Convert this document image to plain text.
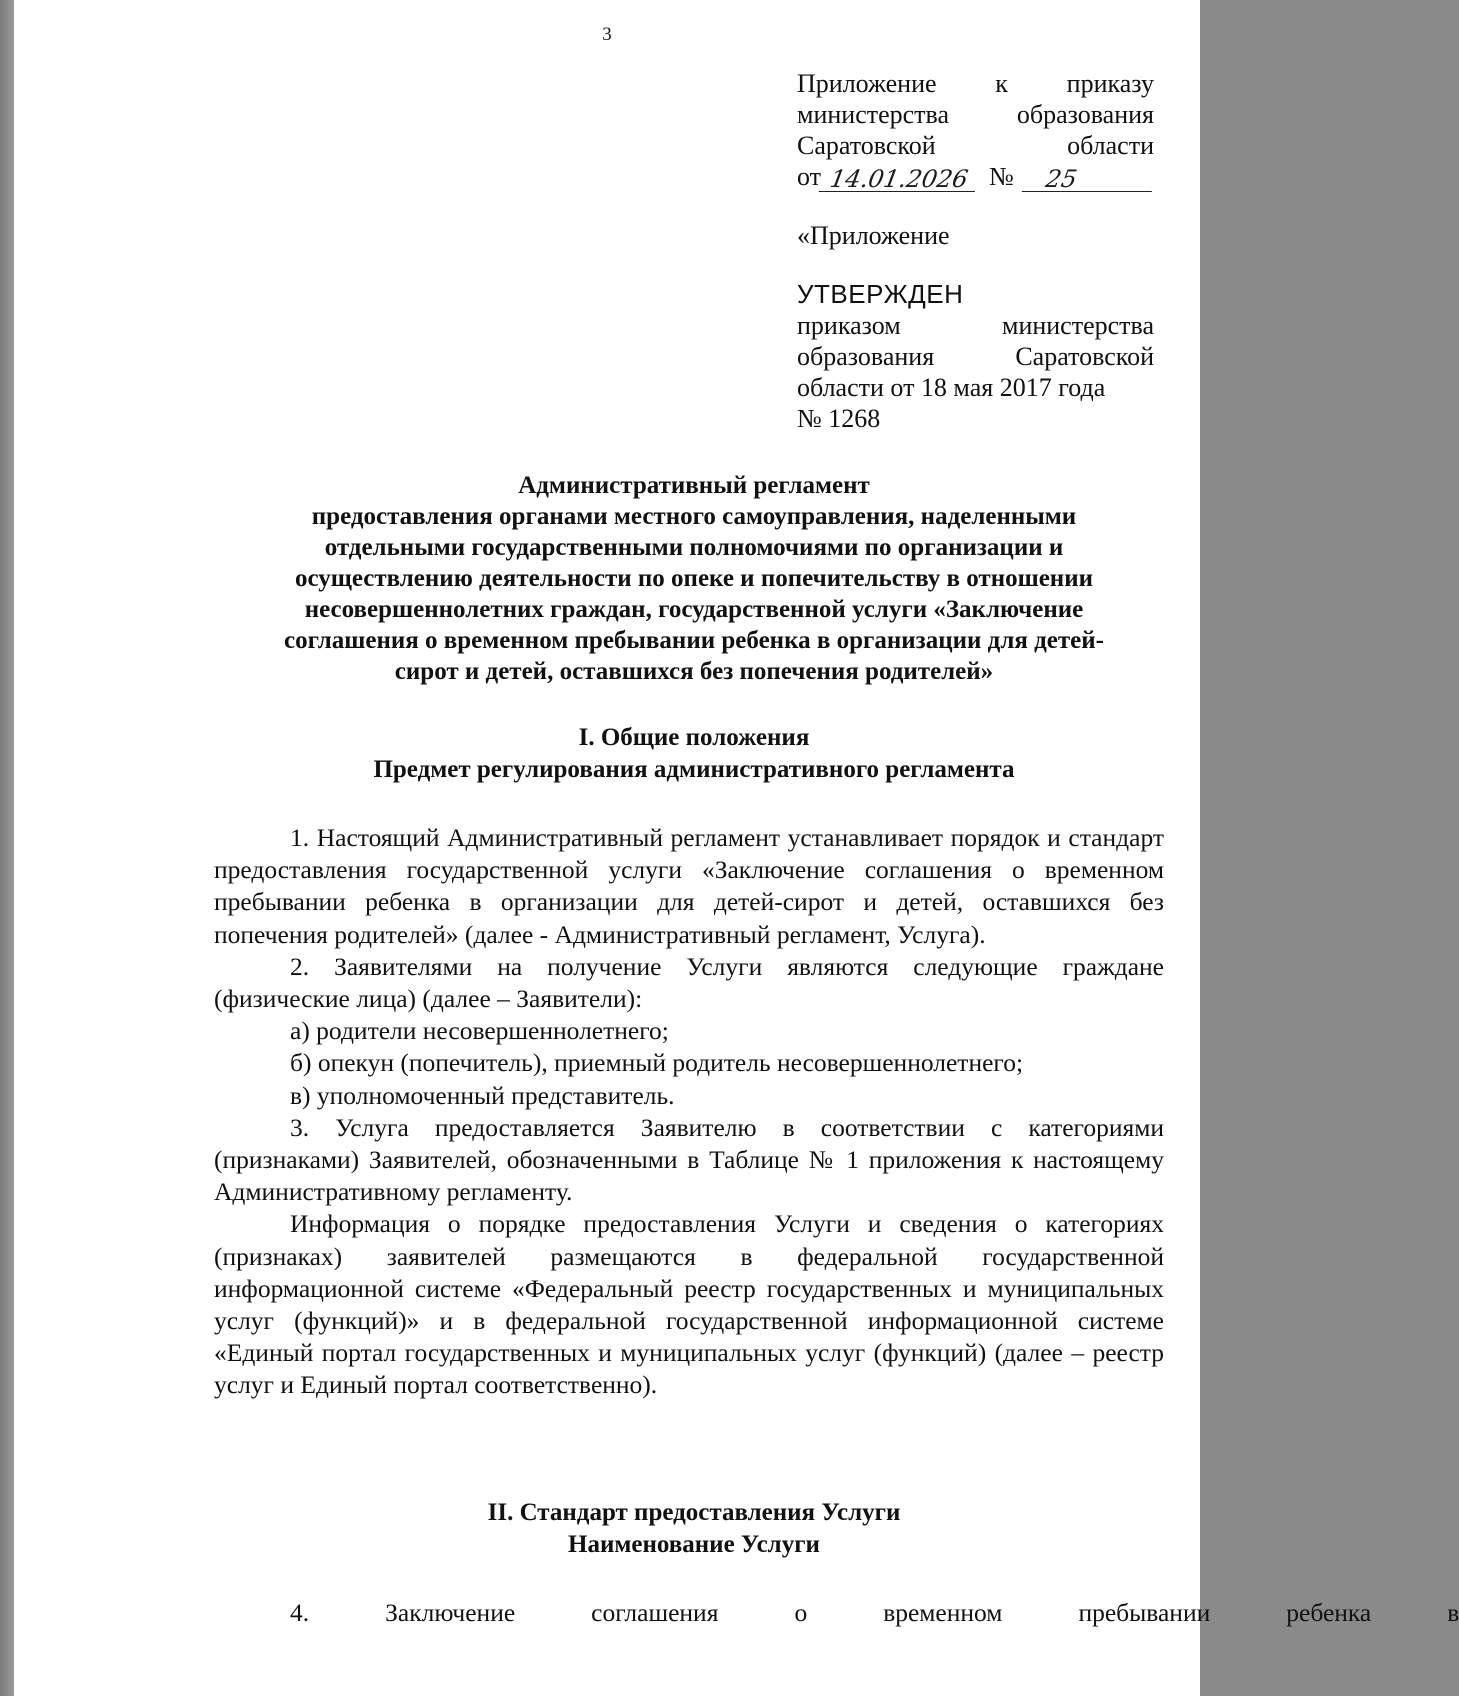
3
Приложение к приказу
министерства	образования
Саратовской	области
от 14.01.2026 №	25
«Приложение
УТВЕРЖДЕН
приказом	министерства
образования	Саратовской
области от 18 мая 2017 года
№ 1268
Административный регламент
предоставления органами местного самоуправления, наделенными
отдельными государственными полномочиями по организации и
осуществлению деятельности по опеке и попечительству в отношении
несовершеннолетних граждан, государственной услуги «Заключение
соглашения о временном пребывании ребенка в организации для детей-
сирот и детей, оставшихся без попечения родителей»
I. Общие положения
Предмет регулирования административного регламента

1. Настоящий Административный регламент устанавливает порядок и стандарт предоставления государственной услуги «Заключение соглашения о временном пребывании ребенка в организации для детей-сирот и детей, оставшихся без попечения родителей» (далее - Административный регламент, Услуга).

2. Заявителями на получение Услуги являются следующие граждане (физические лица) (далее – Заявители):

а) родители несовершеннолетнего;

б) опекун (попечитель), приемный родитель несовершеннолетнего;

в) уполномоченный представитель.

3. Услуга предоставляется Заявителю в соответствии с категориями (признаками) Заявителей, обозначенными в Таблице № 1 приложения к настоящему Административному регламенту.

Информация о порядке предоставления Услуги и сведения о категориях (признаках) заявителей размещаются в федеральной государственной информационной системе «Федеральный реестр государственных и муниципальных услуг (функций)» и в федеральной государственной информационной системе «Единый портал государственных и муниципальных услуг (функций) (далее – реестр услуг и Единый портал соответственно).

II. Стандарт предоставления Услуги
Наименование Услуги
4.	Заключение	соглашения	о	временном	пребывании	ребенка	в
